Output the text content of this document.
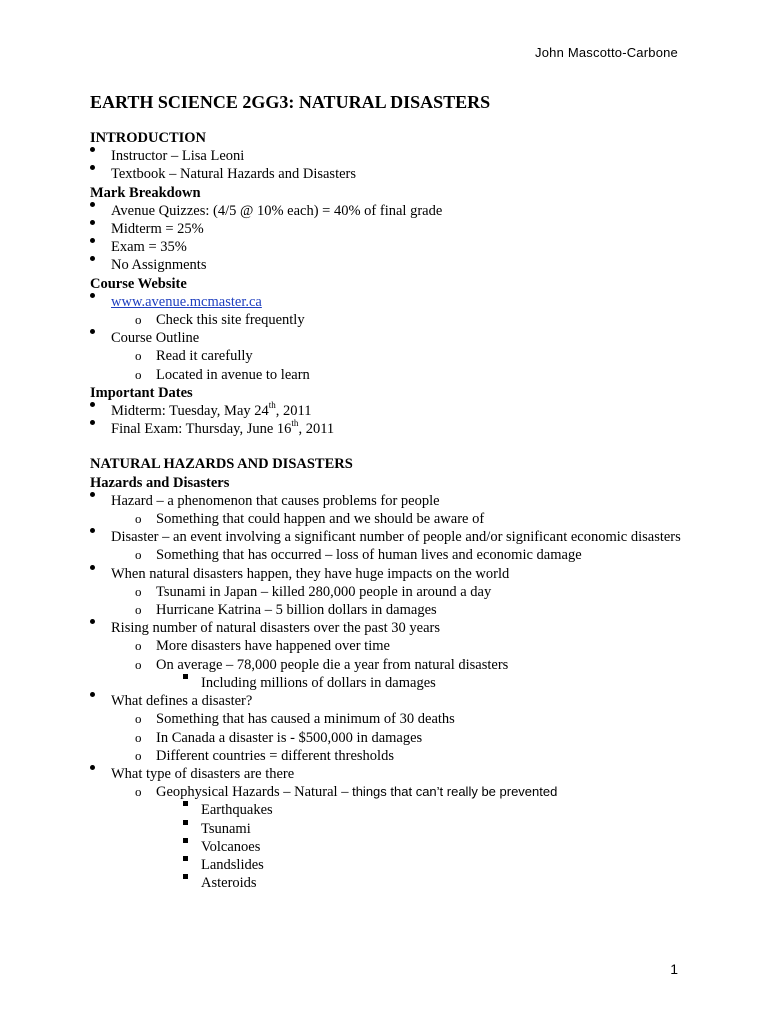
John Mascotto-Carbone
EARTH SCIENCE 2GG3: NATURAL DISASTERS
INTRODUCTION
Instructor – Lisa Leoni
Textbook – Natural Hazards and Disasters
Mark Breakdown
Avenue Quizzes: (4/5 @ 10% each) = 40% of final grade
Midterm = 25%
Exam = 35%
No Assignments
Course Website
www.avenue.mcmaster.ca
o	Check this site frequently
Course Outline
o	Read it carefully
o	Located in avenue to learn
Important Dates
Midterm: Tuesday, May 24th, 2011
Final Exam: Thursday, June 16th, 2011
NATURAL HAZARDS AND DISASTERS
Hazards and Disasters
Hazard – a phenomenon that causes problems for people
o	Something that could happen and we should be aware of
Disaster – an event involving a significant number of people and/or significant economic disasters
o	Something that has occurred – loss of human lives and economic damage
When natural disasters happen, they have huge impacts on the world
o	Tsunami in Japan – killed 280,000 people in around a day
o	Hurricane Katrina – 5 billion dollars in damages
Rising number of natural disasters over the past 30 years
o	More disasters have happened over time
o	On average – 78,000 people die a year from natural disasters
Including millions of dollars in damages
What defines a disaster?
o	Something that has caused a minimum of 30 deaths
o	In Canada a disaster is - $500,000 in damages
o	Different countries = different thresholds
What type of disasters are there
o	Geophysical Hazards – Natural – things that can’t really be prevented
Earthquakes
Tsunami
Volcanoes
Landslides
Asteroids
1
